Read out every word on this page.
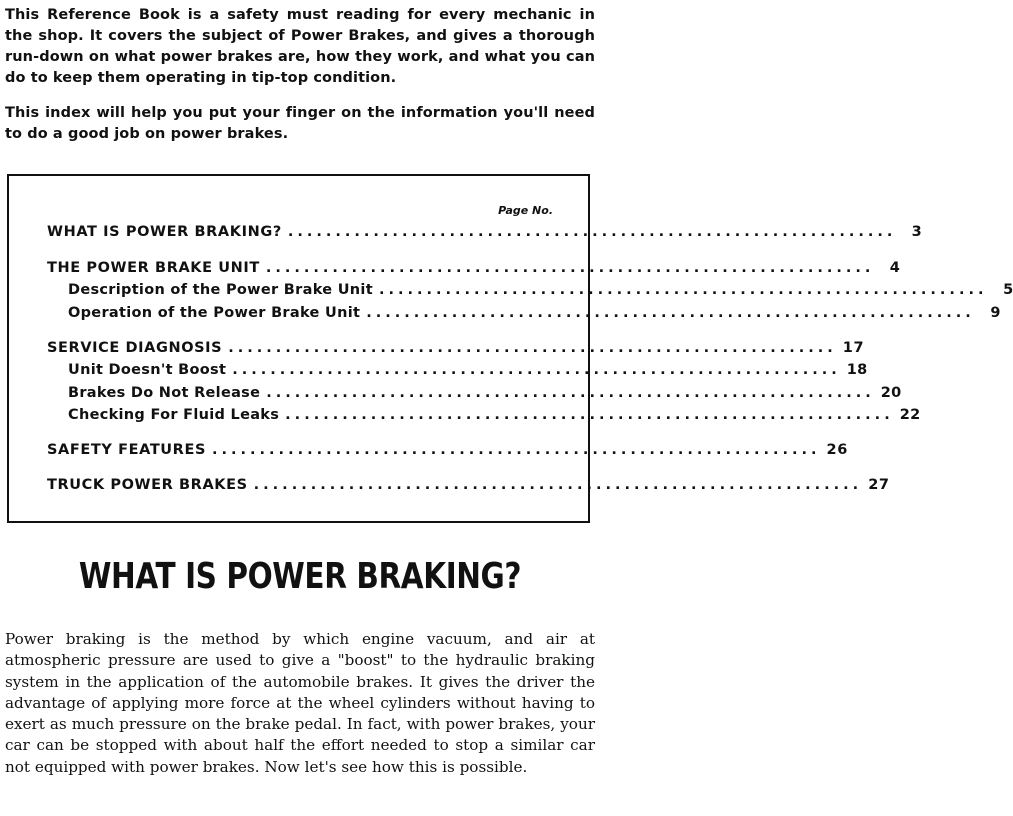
This Reference Book is a safety must reading for every mechanic in the shop. It covers the subject of Power Brakes, and gives a thorough run-down on what power brakes are, how they work, and what you can do to keep them operating in tip-top condition.

This index will help you put your finger on the information you'll need to do a good job on power brakes.

Page No.
WHAT IS POWER BRAKING? ................................................................	3
THE POWER BRAKE UNIT ................................................................	4
Description of the Power Brake Unit ................................................................	5
Operation of the Power Brake Unit ................................................................	9
SERVICE DIAGNOSIS ................................................................ 17
Unit Doesn't Boost ................................................................ 18
Brakes Do Not Release ................................................................ 20
Checking For Fluid Leaks ................................................................ 22
SAFETY FEATURES ................................................................ 26
TRUCK POWER BRAKES ................................................................ 27
WHAT IS POWER BRAKING?

Power braking is the method by which engine vacuum, and air at atmospheric pressure are used to give a "boost" to the hydraulic braking system in the application of the automobile brakes. It gives the driver the advantage of applying more force at the wheel cylinders without having to exert as much pressure on the brake pedal. In fact, with power brakes, your car can be stopped with about half the effort needed to stop a similar car not equipped with power brakes. Now let's see how this is possible.
